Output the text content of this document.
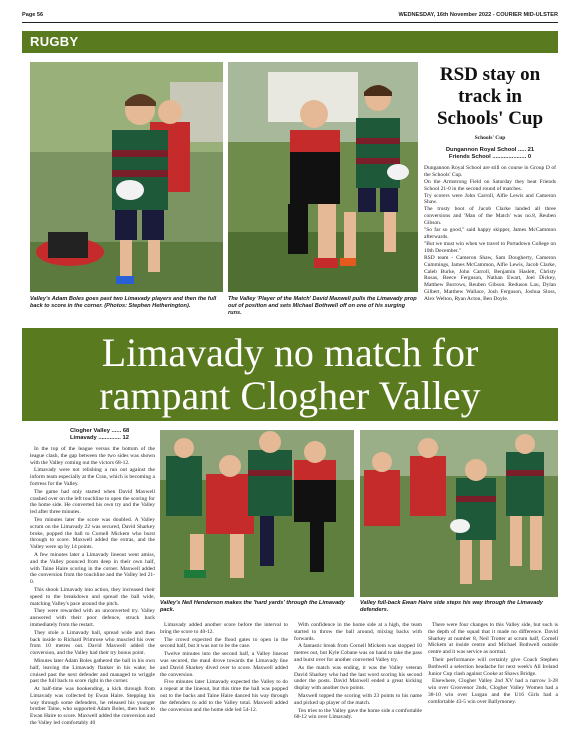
Page 56	WEDNESDAY, 16th November 2022 - COURIER MID-ULSTER
RUGBY
Valley's Adam Boles goes past two Limavady players and then the full back to score in the corner. (Photos: Stephen Hetherington).
The Valley 'Player of the Match' David Maxwell pulls the Limavady prop out of position and sets Michael Bothwell off on one of his surging runs.
RSD stay on track in Schools' Cup
Schools' Cup
Dungannon Royal School ..... 21
Friends School ..................... 0

Dungannon Royal School are still on course in Group D of the Schools' Cup.

On the Armstrong Field on Saturday they beat Friends School 21-0 in the second round of matches.

Try scorers were John Carroll, Alfie Lewis and Cameron Shaw.

The trusty boot of Jacob Clarke landed all three conversions and 'Man of the Match' was no.8, Reuben Gibson.

"So far so good," said happy skipper, James McCammon afterwards.

"But we must win when we travel to Portadown College on 10th December."

RSD team - Cameron Shaw, Sam Dougherty, Cameron Cummings, James McCammon, Alfie Lewis, Jacob Clarke, Caleb Burke, John Carroll, Benjamin Haslett, Christy Rosas, Reece Ferguson, Nathan Ewart, Joel Dickey, Matthew Burrows, Reuben Gibson. Reduson Lau, Dylan Gilbert, Matthew Wallace, Josh Ferguson, Joshua Sloss, Alex Welton, Ryan Acton, Ben Doyle.

Limavady no match for
rampant Clogher Valley
Clogher Valley ...... 68
Limavady .............. 12

In the top of the league versus the bottom of the league clash, the gap between the two sides was shown with the Valley coming out the victors 68-12.

Limavady were not relishing a run out against the inform team especially at the Cran, which is becoming a fortress for the Valley.

The game had only started when David Maxwell crashed over on the left touchline to open the scoring for the home side. He converted his own try and the Valley led after three minutes.

Ten minutes later the score was doubled. A Valley scrum on the Limavady 22 was secured, David Sharkey broke, popped the ball to Cornell Mickem who burst through to score. Maxwell added the extras, and the Valley were up by 14 points.

A few minutes later a Limavady lineout went amiss, and the Valley pounced from deep in their own half, with Taine Haire scoring in the corner. Maxwell added the conversion from the touchline and the Valley led 21-0.

This shook Limavady into action, they increased their speed to the breakdown and spread the ball wide, matching Valley's pace around the pitch.

They were rewarded with an unconverted try. Valley answered with their poor defence, struck back immediately from the restart.

They stole a Limavady ball, spread wide and then back inside to Richard Primrose who muscled his over from 10 metres out. David Maxwell added the conversion, and the Valley had their try bonus point.

Minutes later Adam Boles gathered the ball in his own half, leaving the Limavady flanker in his wake; he cruised past the next defender and managed to wriggle past the full back to score right in the corner.

At half-time was bookending, a kick through from Limavady was collected by Ewan Haire. Stepping his way through some defenders, he released his younger brother Taine, who supported Adam Boles, then back to Ewan Haire to score. Maxwell added the conversion and the Valley led comfortably 40

Valley's Neil Henderson makes the 'hard yards' through the Limavady pack.
Valley full-back Ewan Haire side steps his way through the Limavady defenders.

Limavady added another score before the interval to bring the score to 40-12.

The crowd expected the flood gates to open in the second half, but it was not to be the case.

Twelve minutes into the second half, a Valley lineout was secured, the maul drove towards the Limavady line and David Sharkey dived over to score. Maxwell added the conversion.

Five minutes later Limavady expected the Valley to do a repeat at the lineout, but this time the ball was popped out to the backs and Taine Haire danced his way through the defenders to add to the Valley total. Maxwell added the conversion and the home side led 54-12.

With confidence in the home side at a high, the team started to throw the ball around, mixing backs with forwards.

A fantastic break from Cornell Mickem was stopped 10 metres out, but Kyle Cobane was on hand to take the pass and burst over for another converted Valley try.

As the match was ending, it was the Valley veteran David Sharkey who had the last word scoring his second under the posts. David Maxwell ended a great kicking display with another two points.

Maxwell topped the scoring with 23 points to his name and picked up player of the match.

Ten tries to the Valley gave the home side a comfortable 68-12 win over Limavady.

There were four changes to this Valley side, but such is the depth of the squad that it made no difference. David Sharkey at number 8, Neil Trotter at scrum half, Cornell Mickem at inside centre and Michael Bothwell outside centre and it was service as normal.

Their performance will certainly give Coach Stephen Bothwell a selection headache for next week's All Ireland Junior Cup clash against Cooke at Shaws Bridge.

Elsewhere, Clogher Valley 2nd XV had a narrow 3-28 win over Grosvenor 2nds, Clogher Valley Women had a 38-10 win over Lurgan and the U16 Girls had a comfortable 43-5 win over Ballymoney.
